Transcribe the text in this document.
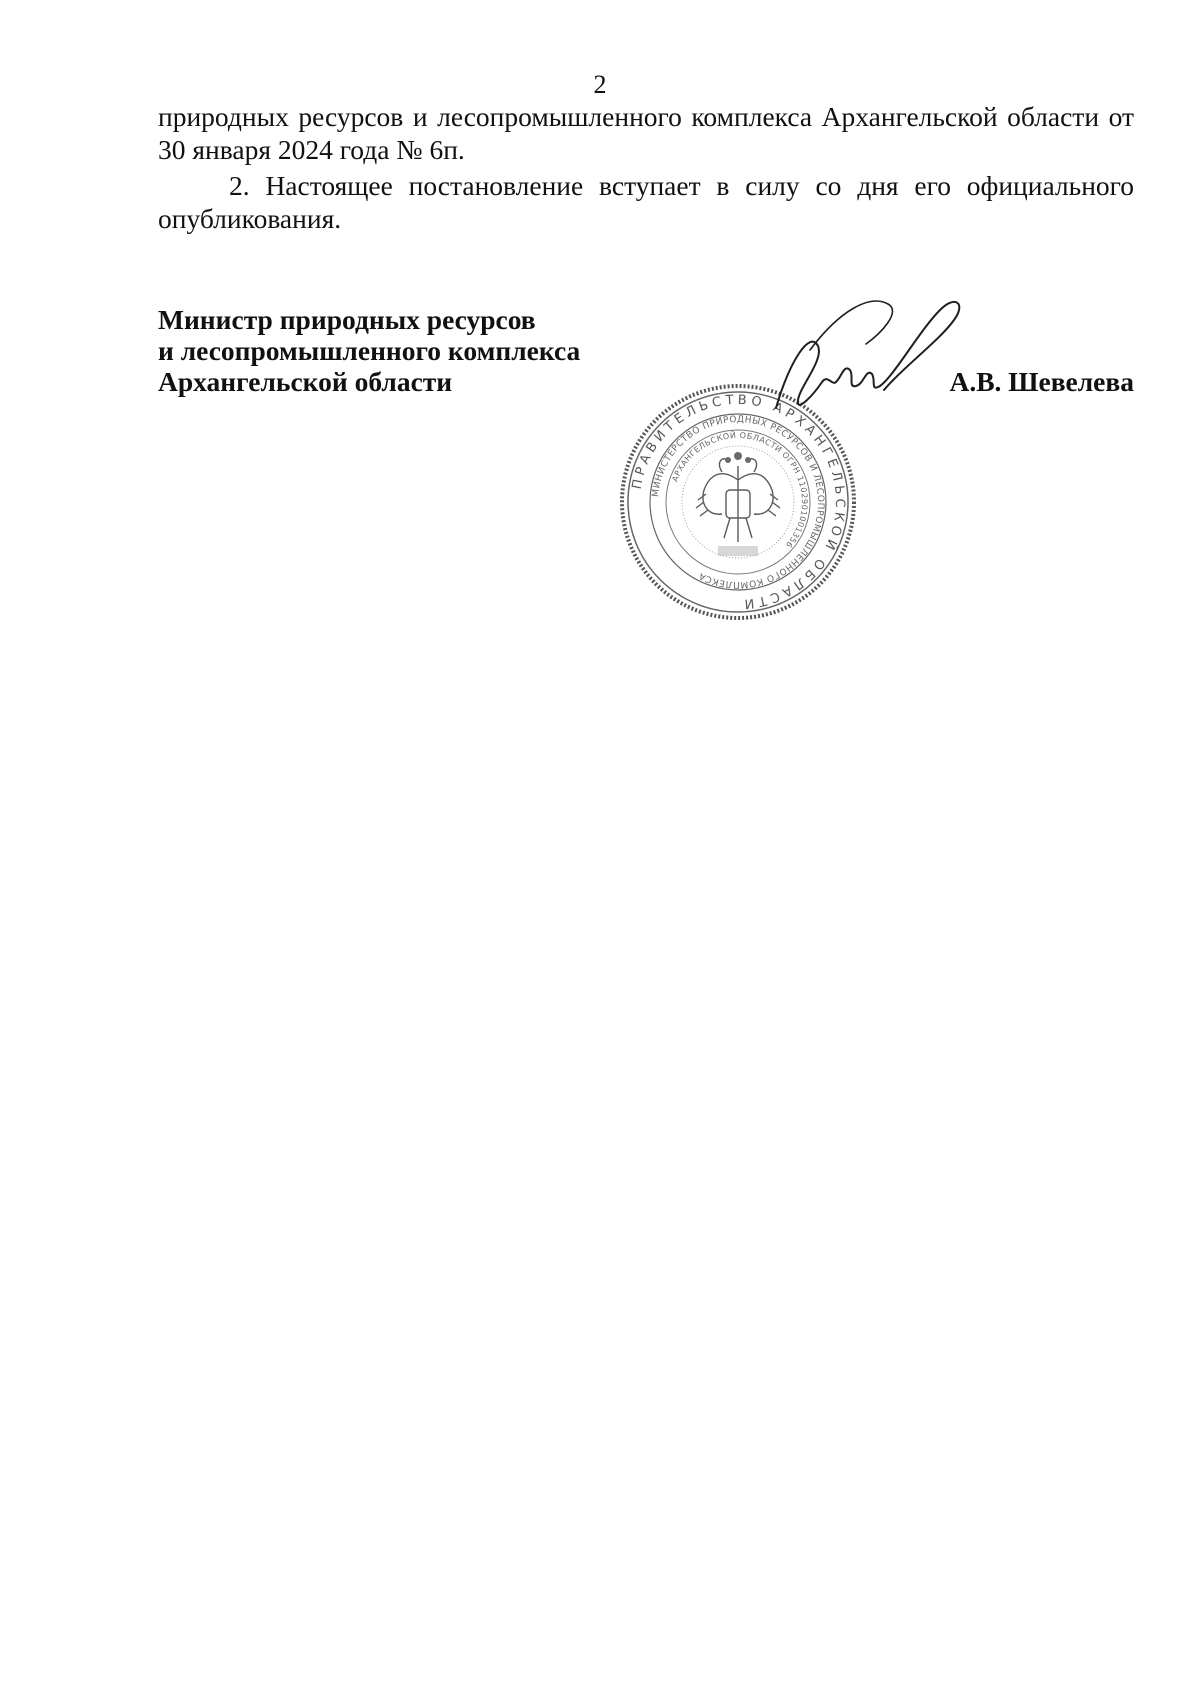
2

природных ресурсов и лесопромышленного комплекса Архангельской области от 30 января 2024 года № 6п.

2. Настоящее постановление вступает в силу со дня его официального опубликования.

Министр природных ресурсов
и лесопромышленного комплекса
Архангельской области
ПРАВИТЕЛЬСТВО АРХАНГЕЛЬСКОЙ ОБЛАСТИ
МИНИСТЕРСТВО ПРИРОДНЫХ РЕСУРСОВ И ЛЕСОПРОМЫШЛЕННОГО КОМПЛЕКСА
АРХАНГЕЛЬСКОЙ ОБЛАСТИ ОГРН 1102901001356
А.В. Шевелева
